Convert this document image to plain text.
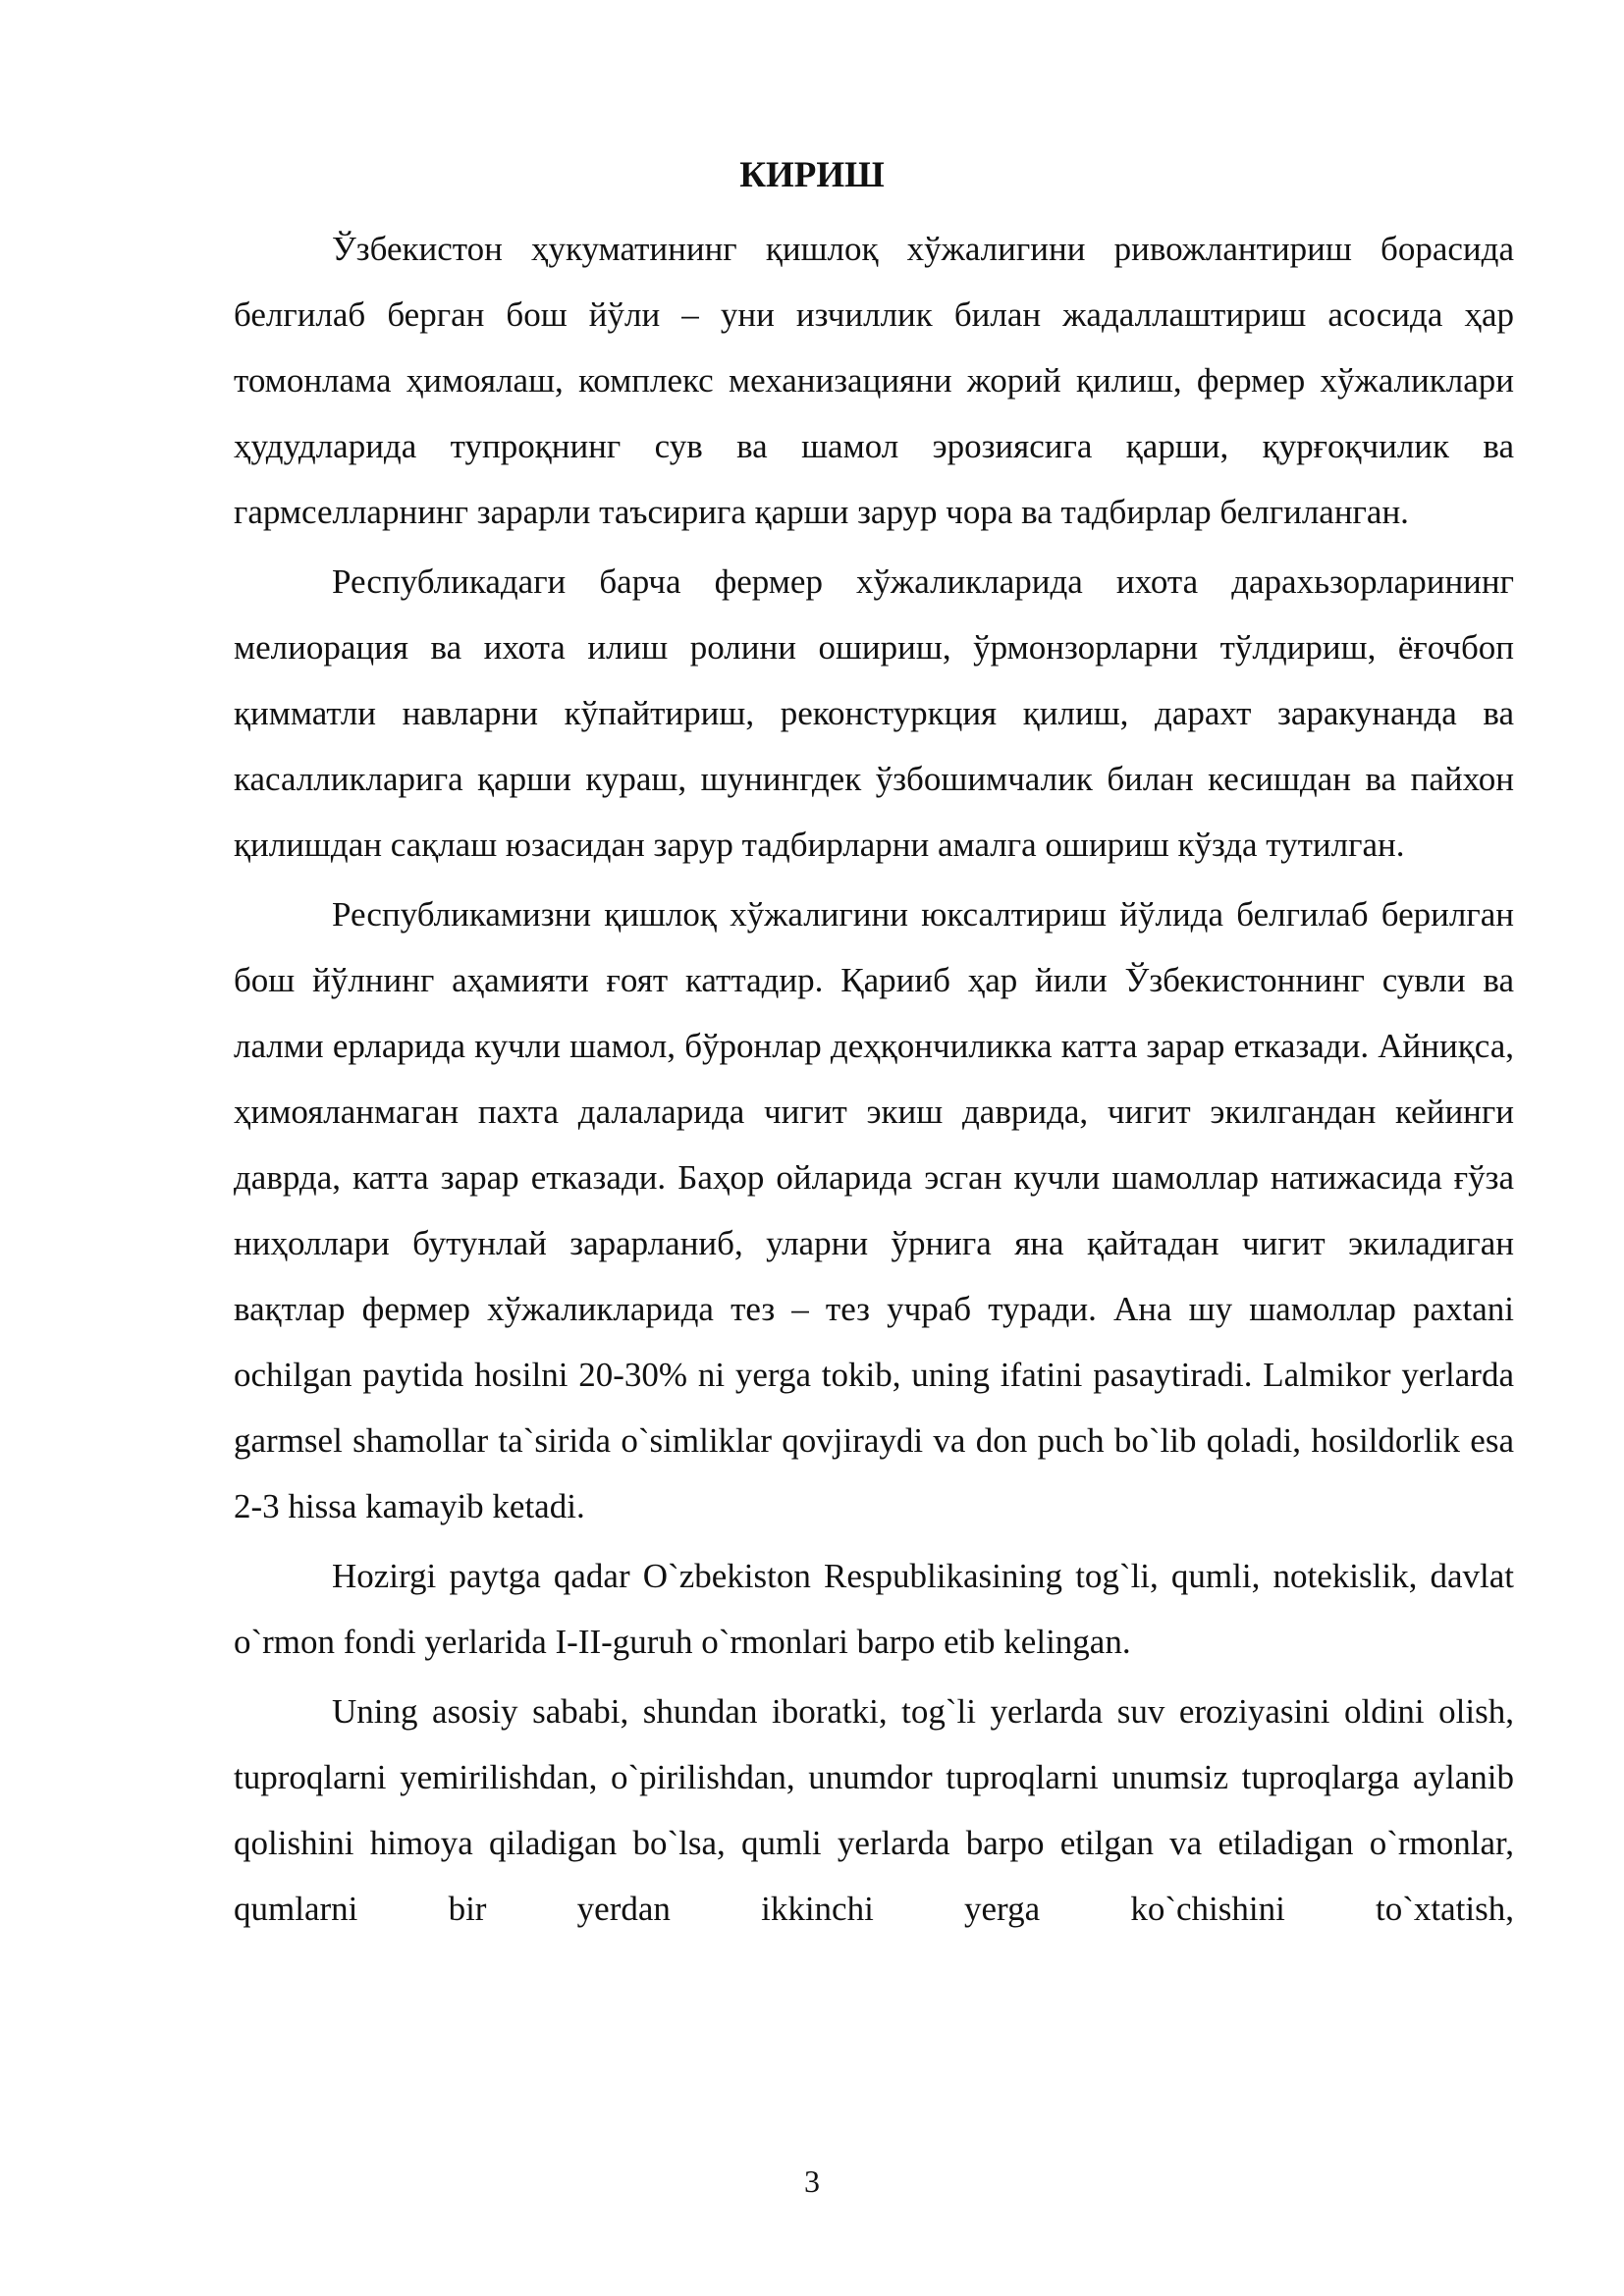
КИРИШ

Ўзбекистон ҳукуматининг қишлоқ хўжалигини ривожлантириш борасида белгилаб берган бош йўли – уни изчиллик билан жадаллаштириш асосида ҳар томонлама ҳимоялаш, комплекс механизацияни жорий қилиш, фермер хўжаликлари ҳудудларида тупроқнинг сув ва шамол эрозиясига қарши, қурғоқчилик ва гармселларнинг зарарли таъсирига қарши зарур чора ва тадбирлар белгиланган.

Республикадаги барча фермер хўжаликларида ихота дарахьзорларининг мелиорация ва ихота илиш ролини ошириш, ўрмонзорларни тўлдириш, ёғочбоп қимматли навларни кўпайтириш, реконстуркция қилиш, дарахт заракунанда ва касалликларига қарши кураш, шунингдек ўзбошимчалик билан кесишдан ва пайхон қилишдан сақлаш юзасидан зарур тадбирларни амалга ошириш кўзда тутилган.

Республикамизни қишлоқ хўжалигини юксалтириш йўлида белгилаб берилган бош йўлнинг аҳамияти ғоят каттадир. Қарииб ҳар йили Ўзбекистоннинг сувли ва лалми ерларида кучли шамол, бўронлар деҳқончиликка катта зарар етказади. Айниқса, ҳимояланмаган пахта далаларида чигит экиш даврида, чигит экилгандан кейинги даврда, катта зарар етказади. Баҳор ойларида эсган кучли шамоллар натижасида ғўза ниҳоллари бутунлай зарарланиб, уларни ўрнига яна қайтадан чигит экиладиган вақтлар фермер хўжаликларида тез – тез учраб туради. Ана шу шамоллар paxtani ochilgan paytida hosilni 20-30% ni yerga tokib, uning ifatini pasaytiradi. Lalmikor yerlarda garmsel shamollar ta`sirida o`simliklar qovjiraydi va don puch bo`lib qoladi, hosildorlik esa 2-3 hissa kamayib ketadi.

Hozirgi paytga qadar O`zbekiston Respublikasining tog`li, qumli, notekislik, davlat o`rmon fondi yerlarida I-II-guruh o`rmonlari barpo etib kelingan.

Uning asosiy sababi, shundan iboratki, tog`li yerlarda suv eroziyasini oldini olish, tuproqlarni yemirilishdan, o`pirilishdan, unumdor tuproqlarni unumsiz tuproqlarga aylanib qolishini himoya qiladigan bo`lsa, qumli yerlarda barpo etilgan va etiladigan o`rmonlar, qumlarni bir yerdan ikkinchi yerga ko`chishini to`xtatish,

3
